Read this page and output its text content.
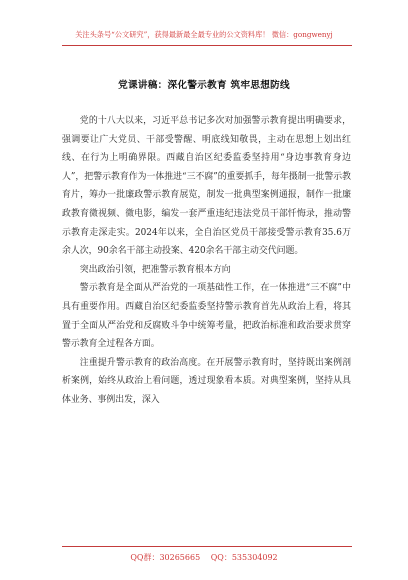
关注头条号“公文研究”，获得最新最全最专业的公文资料库！ 微信：gongwenyj
党课讲稿：深化警示教育 筑牢思想防线

党的十八大以来，习近平总书记多次对加强警示教育提出明确要求，强调要让广大党员、干部受警醒、明底线知敬畏，主动在思想上划出红线、在行为上明确界限。西藏自治区纪委监委坚持用“身边事教育身边人”，把警示教育作为一体推进“三不腐”的重要抓手，每年摄制一批警示教育片，筹办一批廉政警示教育展览，制发一批典型案例通报，制作一批廉政教育微视频、微电影，编发一套严重违纪违法党员干部忏悔录，推动警示教育走深走实。2024年以来，全自治区党员干部接受警示教育35.6万余人次，90余名干部主动投案、420余名干部主动交代问题。

突出政治引领，把准警示教育根本方向

警示教育是全面从严治党的一项基础性工作，在一体推进“三不腐”中具有重要作用。西藏自治区纪委监委坚持警示教育首先从政治上看，将其置于全面从严治党和反腐败斗争中统筹考量，把政治标准和政治要求贯穿警示教育全过程各方面。

注重提升警示教育的政治高度。在开展警示教育时，坚持既出案例剖析案例，始终从政治上看问题，透过现象看本质。对典型案例，坚持从具体业务、事例出发，深入

QQ群：30265665 QQ：535304092
